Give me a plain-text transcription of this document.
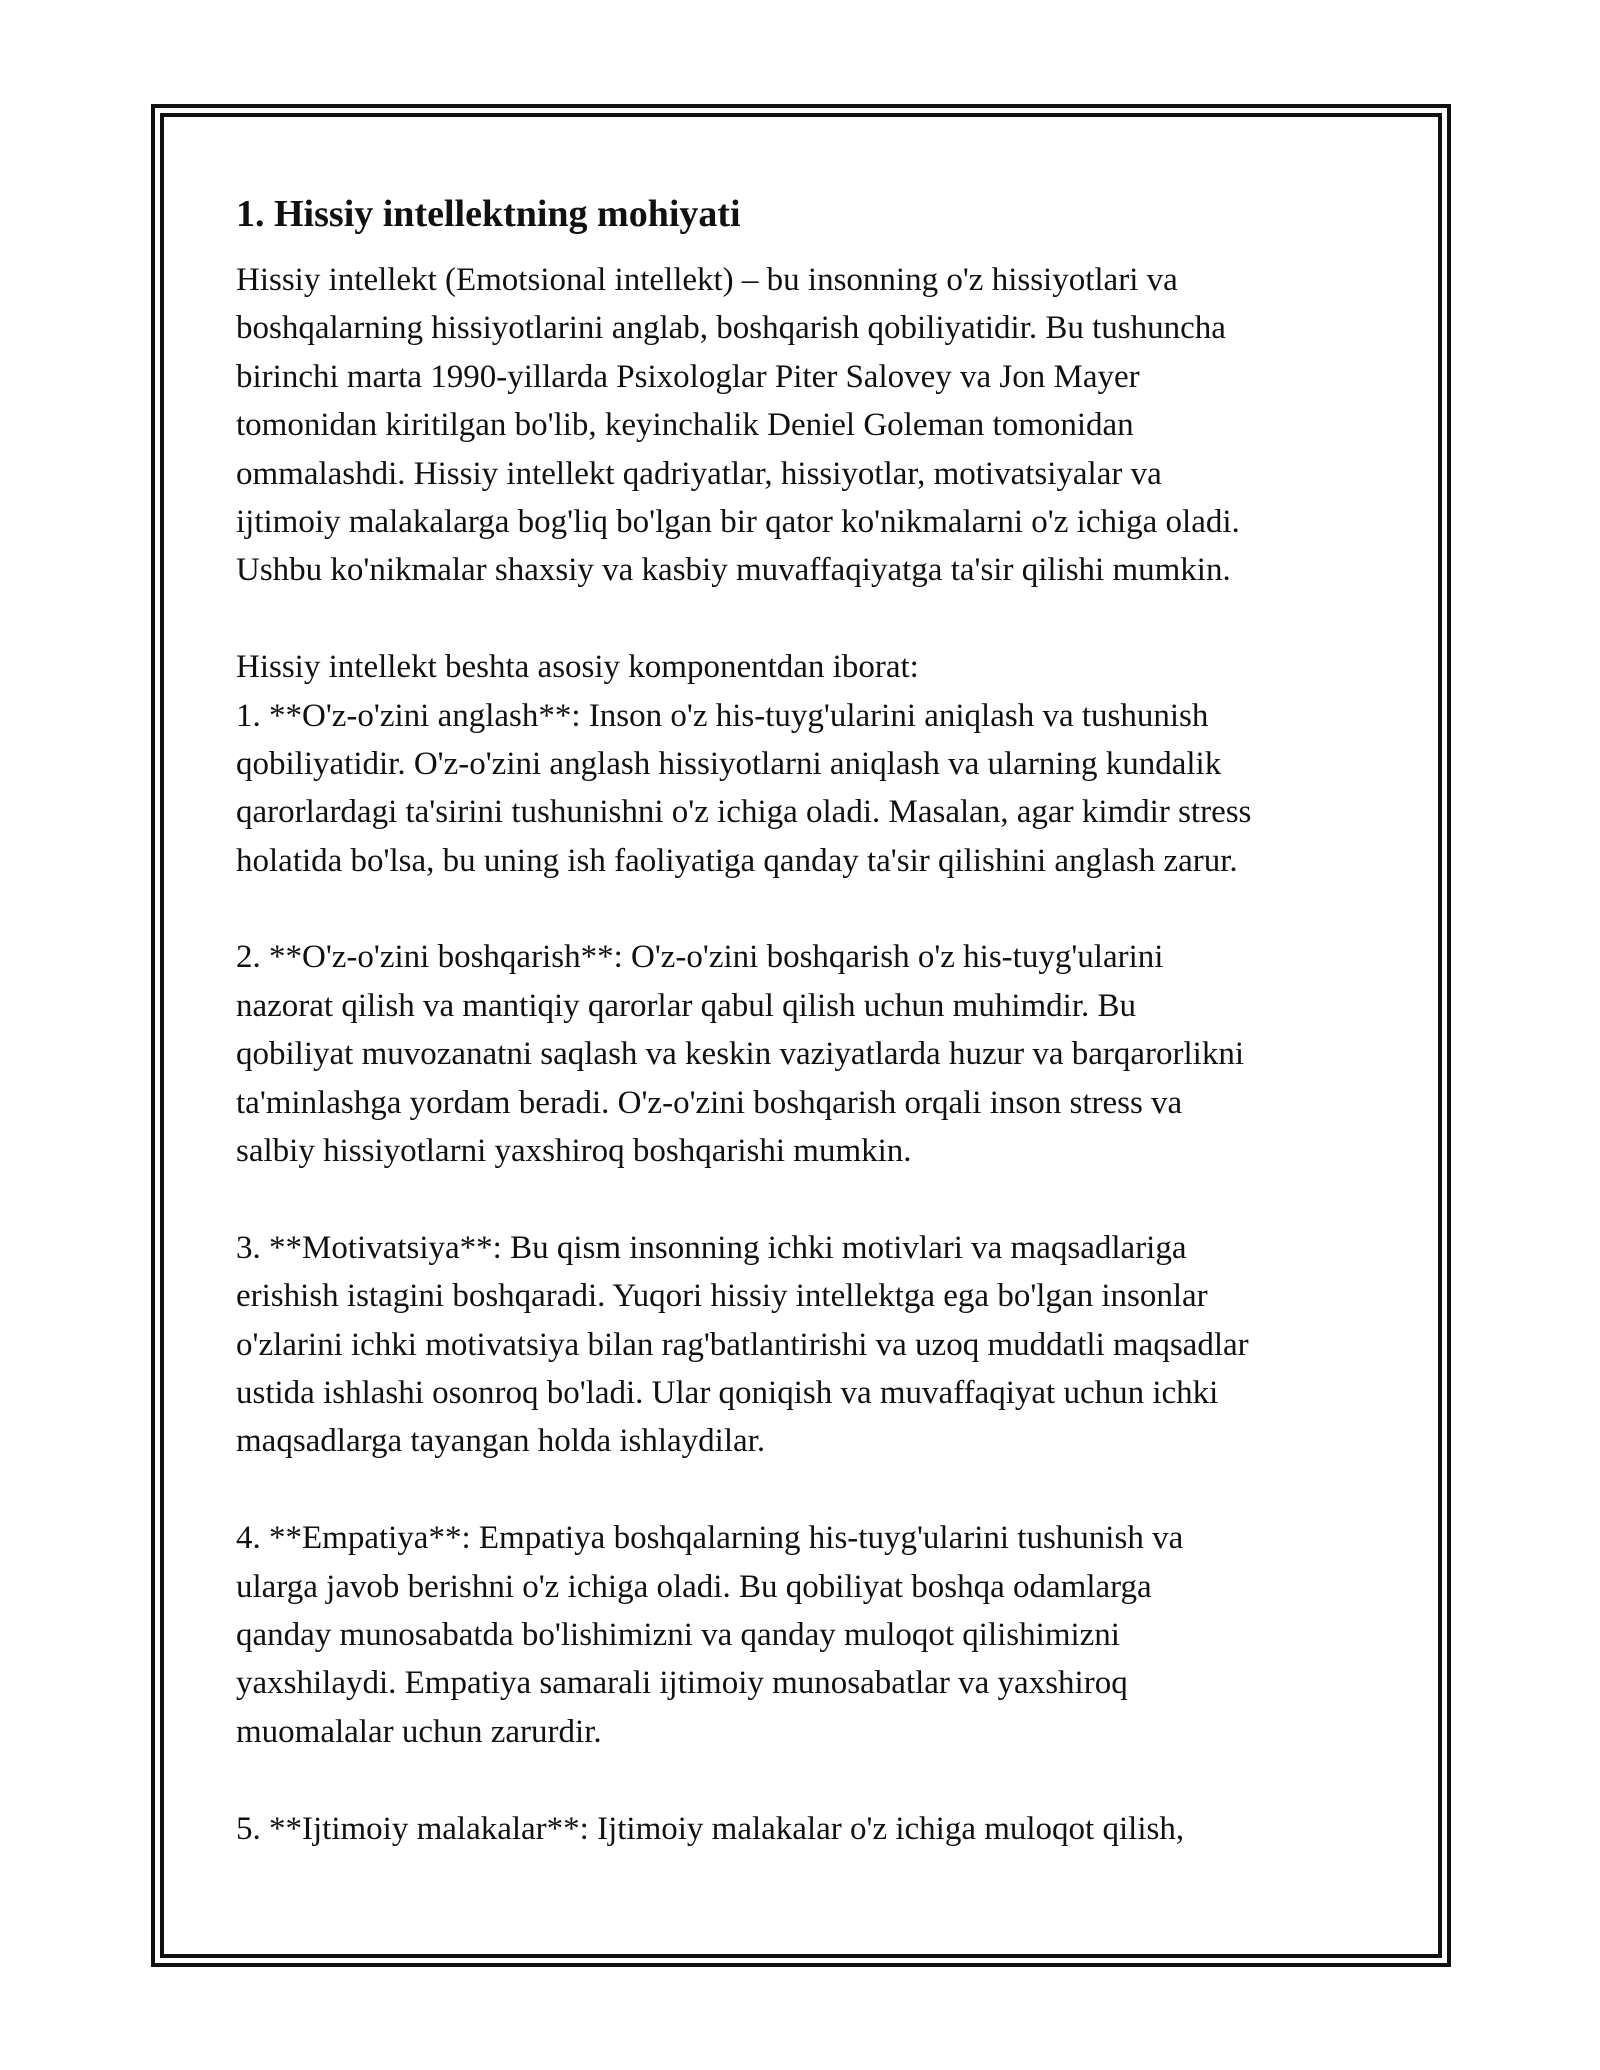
1. Hissiy intellektning mohiyati

Hissiy intellekt (Emotsional intellekt) – bu insonning o'z hissiyotlari va
boshqalarning hissiyotlarini anglab, boshqarish qobiliyatidir. Bu tushuncha
birinchi marta 1990-yillarda Psixologlar Piter Salovey va Jon Mayer
tomonidan kiritilgan bo'lib, keyinchalik Deniel Goleman tomonidan
ommalashdi. Hissiy intellekt qadriyatlar, hissiyotlar, motivatsiyalar va
ijtimoiy malakalarga bog'liq bo'lgan bir qator ko'nikmalarni o'z ichiga oladi.
Ushbu ko'nikmalar shaxsiy va kasbiy muvaffaqiyatga ta'sir qilishi mumkin.

Hissiy intellekt beshta asosiy komponentdan iborat:
1. **O'z-o'zini anglash**: Inson o'z his-tuyg'ularini aniqlash va tushunish
qobiliyatidir. O'z-o'zini anglash hissiyotlarni aniqlash va ularning kundalik
qarorlardagi ta'sirini tushunishni o'z ichiga oladi. Masalan, agar kimdir stress
holatida bo'lsa, bu uning ish faoliyatiga qanday ta'sir qilishini anglash zarur.

2. **O'z-o'zini boshqarish**: O'z-o'zini boshqarish o'z his-tuyg'ularini
nazorat qilish va mantiqiy qarorlar qabul qilish uchun muhimdir. Bu
qobiliyat muvozanatni saqlash va keskin vaziyatlarda huzur va barqarorlikni
ta'minlashga yordam beradi. O'z-o'zini boshqarish orqali inson stress va
salbiy hissiyotlarni yaxshiroq boshqarishi mumkin.

3. **Motivatsiya**: Bu qism insonning ichki motivlari va maqsadlariga
erishish istagini boshqaradi. Yuqori hissiy intellektga ega bo'lgan insonlar
o'zlarini ichki motivatsiya bilan rag'batlantirishi va uzoq muddatli maqsadlar
ustida ishlashi osonroq bo'ladi. Ular qoniqish va muvaffaqiyat uchun ichki
maqsadlarga tayangan holda ishlaydilar.

4. **Empatiya**: Empatiya boshqalarning his-tuyg'ularini tushunish va
ularga javob berishni o'z ichiga oladi. Bu qobiliyat boshqa odamlarga
qanday munosabatda bo'lishimizni va qanday muloqot qilishimizni
yaxshilaydi. Empatiya samarali ijtimoiy munosabatlar va yaxshiroq
muomalalar uchun zarurdir.

5. **Ijtimoiy malakalar**: Ijtimoiy malakalar o'z ichiga muloqot qilish,
